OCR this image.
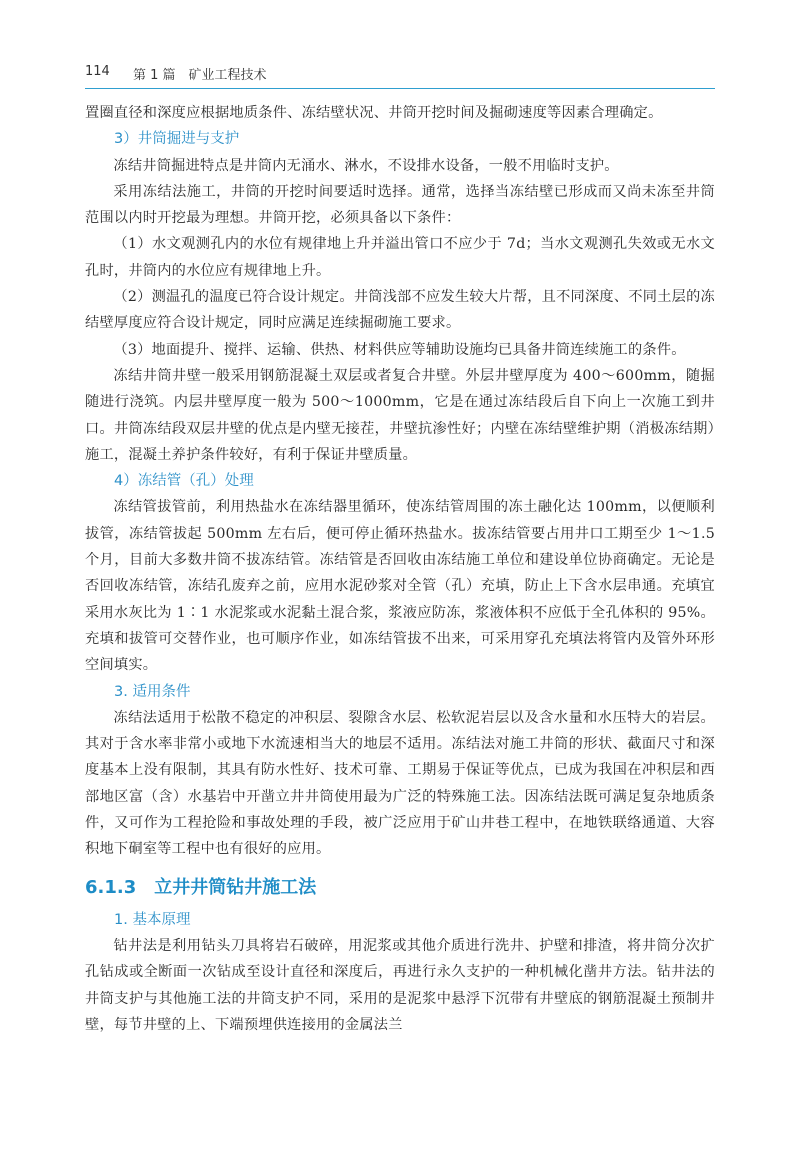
114 第 1 篇　矿业工程技术

置圈直径和深度应根据地质条件、冻结壁状况、井筒开挖时间及掘砌速度等因素合理确定。

3）井筒掘进与支护

冻结井筒掘进特点是井筒内无涌水、淋水，不设排水设备，一般不用临时支护。

采用冻结法施工，井筒的开挖时间要适时选择。通常，选择当冻结壁已形成而又尚未冻至井筒范围以内时开挖最为理想。井筒开挖，必须具备以下条件：

（1）水文观测孔内的水位有规律地上升并溢出管口不应少于 7d；当水文观测孔失效或无水文孔时，井筒内的水位应有规律地上升。

（2）测温孔的温度已符合设计规定。井筒浅部不应发生较大片帮，且不同深度、不同土层的冻结壁厚度应符合设计规定，同时应满足连续掘砌施工要求。

（3）地面提升、搅拌、运输、供热、材料供应等辅助设施均已具备井筒连续施工的条件。

冻结井筒井壁一般采用钢筋混凝土双层或者复合井壁。外层井壁厚度为 400～600mm，随掘随进行浇筑。内层井壁厚度一般为 500～1000mm，它是在通过冻结段后自下向上一次施工到井口。井筒冻结段双层井壁的优点是内壁无接茬，井壁抗渗性好；内壁在冻结壁维护期（消极冻结期）施工，混凝土养护条件较好，有利于保证井壁质量。

4）冻结管（孔）处理

冻结管拔管前，利用热盐水在冻结器里循环，使冻结管周围的冻土融化达 100mm，以便顺利拔管，冻结管拔起 500mm 左右后，便可停止循环热盐水。拔冻结管要占用井口工期至少 1～1.5 个月，目前大多数井筒不拔冻结管。冻结管是否回收由冻结施工单位和建设单位协商确定。无论是否回收冻结管，冻结孔废弃之前，应用水泥砂浆对全管（孔）充填，防止上下含水层串通。充填宜采用水灰比为 1∶1 水泥浆或水泥黏土混合浆，浆液应防冻，浆液体积不应低于全孔体积的 95%。充填和拔管可交替作业，也可顺序作业，如冻结管拔不出来，可采用穿孔充填法将管内及管外环形空间填实。

3. 适用条件

冻结法适用于松散不稳定的冲积层、裂隙含水层、松软泥岩层以及含水量和水压特大的岩层。其对于含水率非常小或地下水流速相当大的地层不适用。冻结法对施工井筒的形状、截面尺寸和深度基本上没有限制，其具有防水性好、技术可靠、工期易于保证等优点，已成为我国在冲积层和西部地区富（含）水基岩中开凿立井井筒使用最为广泛的特殊施工法。因冻结法既可满足复杂地质条件，又可作为工程抢险和事故处理的手段，被广泛应用于矿山井巷工程中，在地铁联络通道、大容积地下硐室等工程中也有很好的应用。

6.1.3 立井井筒钻井施工法
1. 基本原理

钻井法是利用钻头刀具将岩石破碎，用泥浆或其他介质进行洗井、护壁和排渣，将井筒分次扩孔钻成或全断面一次钻成至设计直径和深度后，再进行永久支护的一种机械化凿井方法。钻井法的井筒支护与其他施工法的井筒支护不同，采用的是泥浆中悬浮下沉带有井壁底的钢筋混凝土预制井壁，每节井壁的上、下端预埋供连接用的金属法兰
